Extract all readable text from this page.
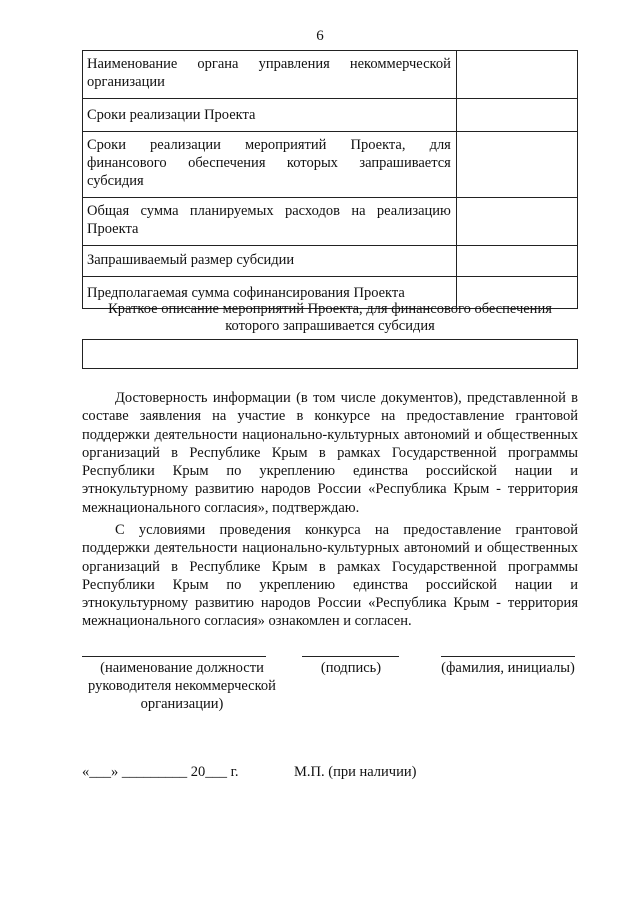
6
Наименование органа управления некоммерческой организации	
Сроки реализации Проекта	
Сроки реализации мероприятий Проекта, для финансового обеспечения которых запрашивается субсидия	
Общая сумма планируемых расходов на реализацию Проекта	
Запрашиваемый размер субсидии	
Предполагаемая сумма софинансирования Проекта	
Краткое описание мероприятий Проекта, для финансового обеспечения
которого запрашивается субсидия

Достоверность информации (в том числе документов), представленной в составе заявления на участие в конкурсе на предоставление грантовой поддержки деятельности национально-культурных автономий и общественных организаций в Республике Крым в рамках Государственной программы Республики Крым по укреплению единства российской нации и этнокультурному развитию народов России «Республика Крым - территория межнационального согласия», подтверждаю.

С условиями проведения конкурса на предоставление грантовой поддержки деятельности национально-культурных автономий и общественных организаций в Республике Крым в рамках Государственной программы Республики Крым по укреплению единства российской нации и этнокультурному развитию народов России «Республика Крым - территория межнационального согласия» ознакомлен и согласен.

(наименование должности руководителя некоммерческой организации)
(подпись)	(фамилия, инициалы)
«___» _________ 20___ г.	М.П. (при наличии)
